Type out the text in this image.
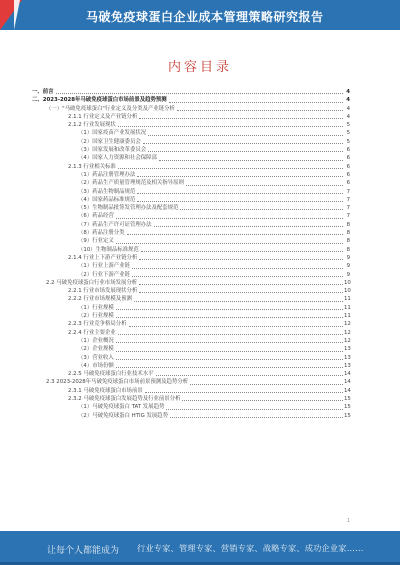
马破免疫球蛋白企业成本管理策略研究报告
内容目录
一、前言	4
二、2023-2028年马破免疫球蛋白市场前景及趋势预测	4
（一）"马破免疫球蛋白"行业定义及分类及产业链分析	4
2.1.1 行业定义及产业链分析	4
2.1.2 行业发展现状	5
（1）国家疫苗产业发展状况	5
（2）国家卫生健康委员会	5
（3）国家发展和改革委员会	6
（4）国家人力资源和社会保障部	6
2.1.3 行业相关标准	6
（1）药品注册管理办法	6
（2）药品生产质量管理规范及相关指导原则	6
（3）药品生物制品规范	7
（4）国家药品标准规范	7
（5）生物制品批签发管理办法及配套规范	7
（6）药品经营	7
（7）药品生产许可证管理办法	8
（8）药品注册分类	8
（9）行业定义	8
（10）生物制品标准规范	8
2.1.4 行业上下游产业链分析	9
（1）行业上游产业链	9
（2）行业下游产业链	9
2.2 马破免疫球蛋白行业市场发展分析	10
2.2.1 行业市场发展现状分析	10
2.2.2 行业市场规模及预测	11
（1）行业规模	11
（2）行业规模	11
2.2.3 行业竞争格局分析	12
2.2.4 行业主要企业	12
（1）企业概况	12
（2）企业规模	13
（3）营业收入	13
（4）市场份额	13
2.2.5 马破免疫球蛋白行业技术水平	14
2.3 2023-2028年马破免疫球蛋白市场前景预测及趋势分析	14
2.3.1 马破免疫球蛋白市场前景	14
2.3.2 马破免疫球蛋白发展趋势及行业前景分析	15
（1）马破免疫球蛋白 TAT 发展趋势	15
（2）马破免疫球蛋白 HTIG 发展趋势	15
1
让每个人都能成为 行业专家、管理专家、营销专家、战略专家、成功企业家……
